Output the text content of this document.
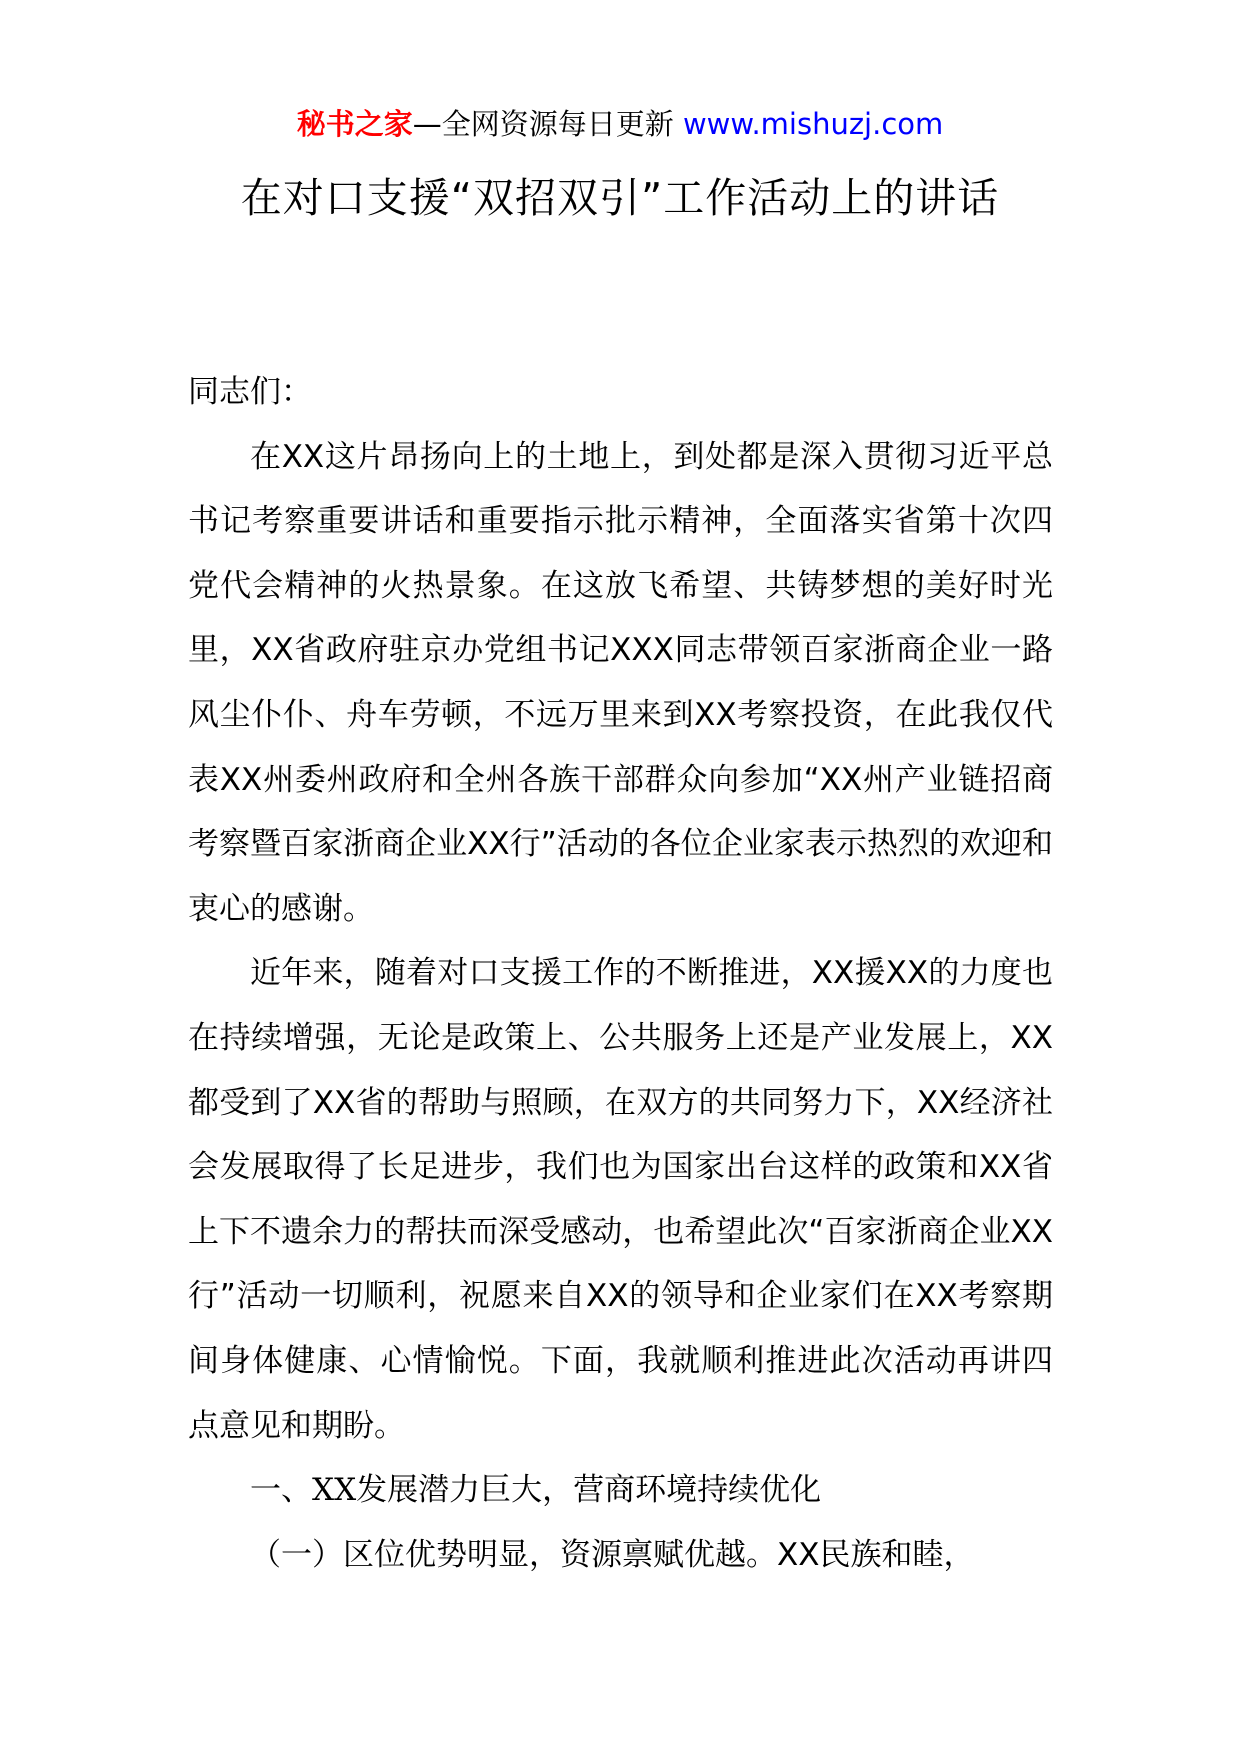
秘书之家—全网资源每日更新 www.mishuzj.com
在对口支援“双招双引”工作活动上的讲话

同志们：

在XX这片昂扬向上的土地上，到处都是深入贯彻习近平总书记考察重要讲话和重要指示批示精神，全面落实省第十次四党代会精神的火热景象。在这放飞希望、共铸梦想的美好时光里，XX省政府驻京办党组书记XXX同志带领百家浙商企业一路风尘仆仆、舟车劳顿，不远万里来到XX考察投资，在此我仅代表XX州委州政府和全州各族干部群众向参加“XX州产业链招商考察暨百家浙商企业XX行”活动的各位企业家表示热烈的欢迎和衷心的感谢。

近年来，随着对口支援工作的不断推进，XX援XX的力度也在持续增强，无论是政策上、公共服务上还是产业发展上，XX都受到了XX省的帮助与照顾，在双方的共同努力下，XX经济社会发展取得了长足进步，我们也为国家出台这样的政策和XX省上下不遗余力的帮扶而深受感动，也希望此次“百家浙商企业XX行”活动一切顺利，祝愿来自XX的领导和企业家们在XX考察期间身体健康、心情愉悦。下面，我就顺利推进此次活动再讲四点意见和期盼。

一、XX发展潜力巨大，营商环境持续优化

（一）区位优势明显，资源禀赋优越。XX民族和睦，
